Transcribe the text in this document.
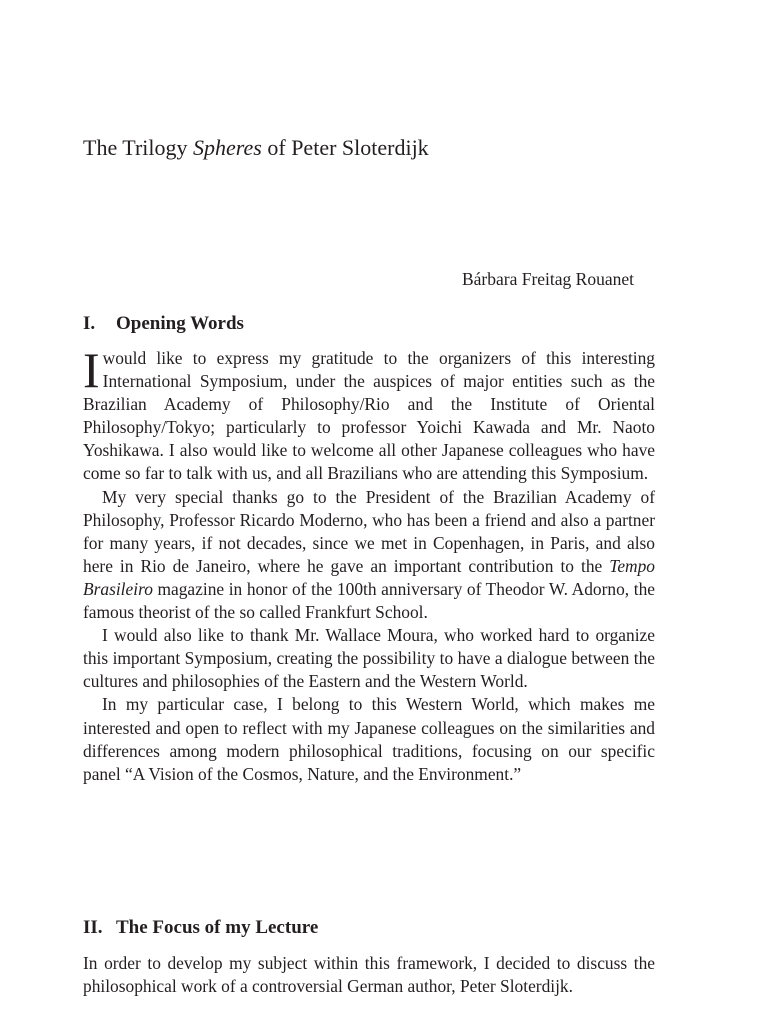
The Trilogy Spheres of Peter Sloterdijk
Bárbara Freitag Rouanet
I. Opening Words

Iwould like to express my gratitude to the organizers of this interesting International Symposium, under the auspices of major entities such as the Brazilian Academy of Philosophy/Rio and the Institute of Oriental Philosophy/Tokyo; particularly to professor Yoichi Kawada and Mr. Naoto Yoshikawa. I also would like to welcome all other Japanese colleagues who have come so far to talk with us, and all Brazilians who are attending this Symposium.

My very special thanks go to the President of the Brazilian Academy of Philosophy, Professor Ricardo Moderno, who has been a friend and also a partner for many years, if not decades, since we met in Copenhagen, in Paris, and also here in Rio de Janeiro, where he gave an important contribution to the Tempo Brasileiro magazine in honor of the 100th anniversary of Theodor W. Adorno, the famous theorist of the so called Frankfurt School.

I would also like to thank Mr. Wallace Moura, who worked hard to organize this important Symposium, creating the possibility to have a dialogue between the cultures and philosophies of the Eastern and the Western World.

In my particular case, I belong to this Western World, which makes me interested and open to reflect with my Japanese colleagues on the similarities and differences among modern philosophical traditions, focusing on our specific panel “A Vision of the Cosmos, Nature, and the Environment.”

II. The Focus of my Lecture

In order to develop my subject within this framework, I decided to discuss the philosophical work of a controversial German author, Peter Sloterdijk.
